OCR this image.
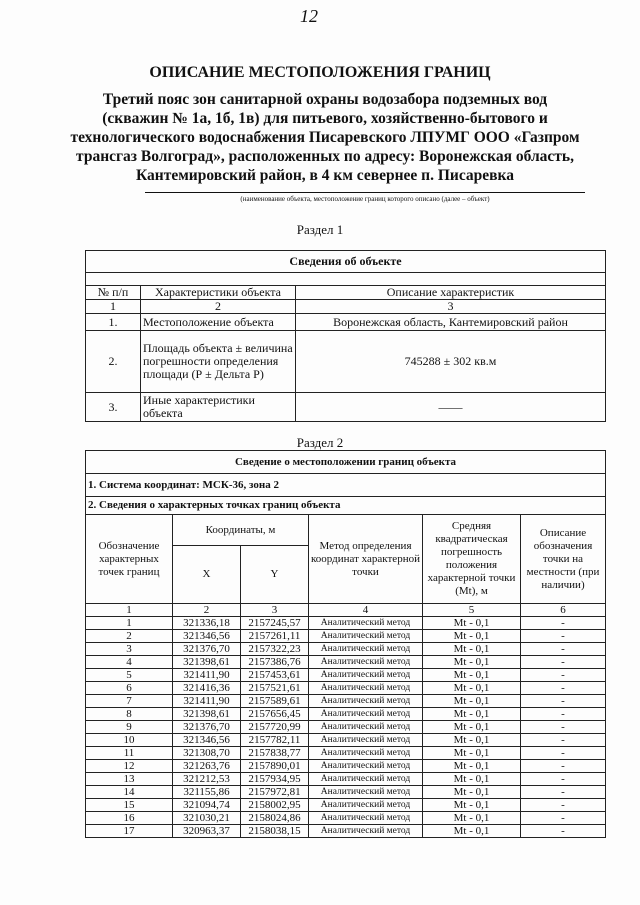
12
ОПИСАНИЕ МЕСТОПОЛОЖЕНИЯ ГРАНИЦ
Третий пояс зон санитарной охраны водозабора подземных вод (скважин № 1а, 1б, 1в) для питьевого, хозяйственно-бытового и технологического водоснабжения Писаревского ЛПУМГ ООО «Газпром трансгаз Волгоград», расположенных по адресу: Воронежская область, Кантемировский район, в 4 км севернее п. Писаревка
(наименование объекта, местоположение границ которого описано (далее – объект)
Раздел 1
Сведения об объекте		

№ п/п	Характеристики объекта	Описание характеристик
1	2	3
1.	Местоположение объекта	Воронежская область, Кантемировский район
2.	Площадь объекта ± величина погрешности определения площади (Р ± Дельта Р)	745288 ± 302 кв.м
3.	Иные характеристики объекта	——
Раздел 2
Сведение о местоположении границ объекта					
1. Система координат: МСК-36, зона 2					
2. Сведения о характерных точках границ объекта					
Обозначение характерных точек границ	Координаты, м		Метод определения координат характерной точки	Средняя квадратическая погрешность положения характерной точки (Mt), м	Описание обозначения точки на местности (при наличии)
	X	Y			
1	2	3	4	5	6
1	321336,18	2157245,57	Аналитический метод	Mt - 0,1	-
2	321346,56	2157261,11	Аналитический метод	Mt - 0,1	-
3	321376,70	2157322,23	Аналитический метод	Mt - 0,1	-
4	321398,61	2157386,76	Аналитический метод	Mt - 0,1	-
5	321411,90	2157453,61	Аналитический метод	Mt - 0,1	-
6	321416,36	2157521,61	Аналитический метод	Mt - 0,1	-
7	321411,90	2157589,61	Аналитический метод	Mt - 0,1	-
8	321398,61	2157656,45	Аналитический метод	Mt - 0,1	-
9	321376,70	2157720,99	Аналитический метод	Mt - 0,1	-
10	321346,56	2157782,11	Аналитический метод	Mt - 0,1	-
11	321308,70	2157838,77	Аналитический метод	Mt - 0,1	-
12	321263,76	2157890,01	Аналитический метод	Mt - 0,1	-
13	321212,53	2157934,95	Аналитический метод	Mt - 0,1	-
14	321155,86	2157972,81	Аналитический метод	Mt - 0,1	-
15	321094,74	2158002,95	Аналитический метод	Mt - 0,1	-
16	321030,21	2158024,86	Аналитический метод	Mt - 0,1	-
17	320963,37	2158038,15	Аналитический метод	Mt - 0,1	-
